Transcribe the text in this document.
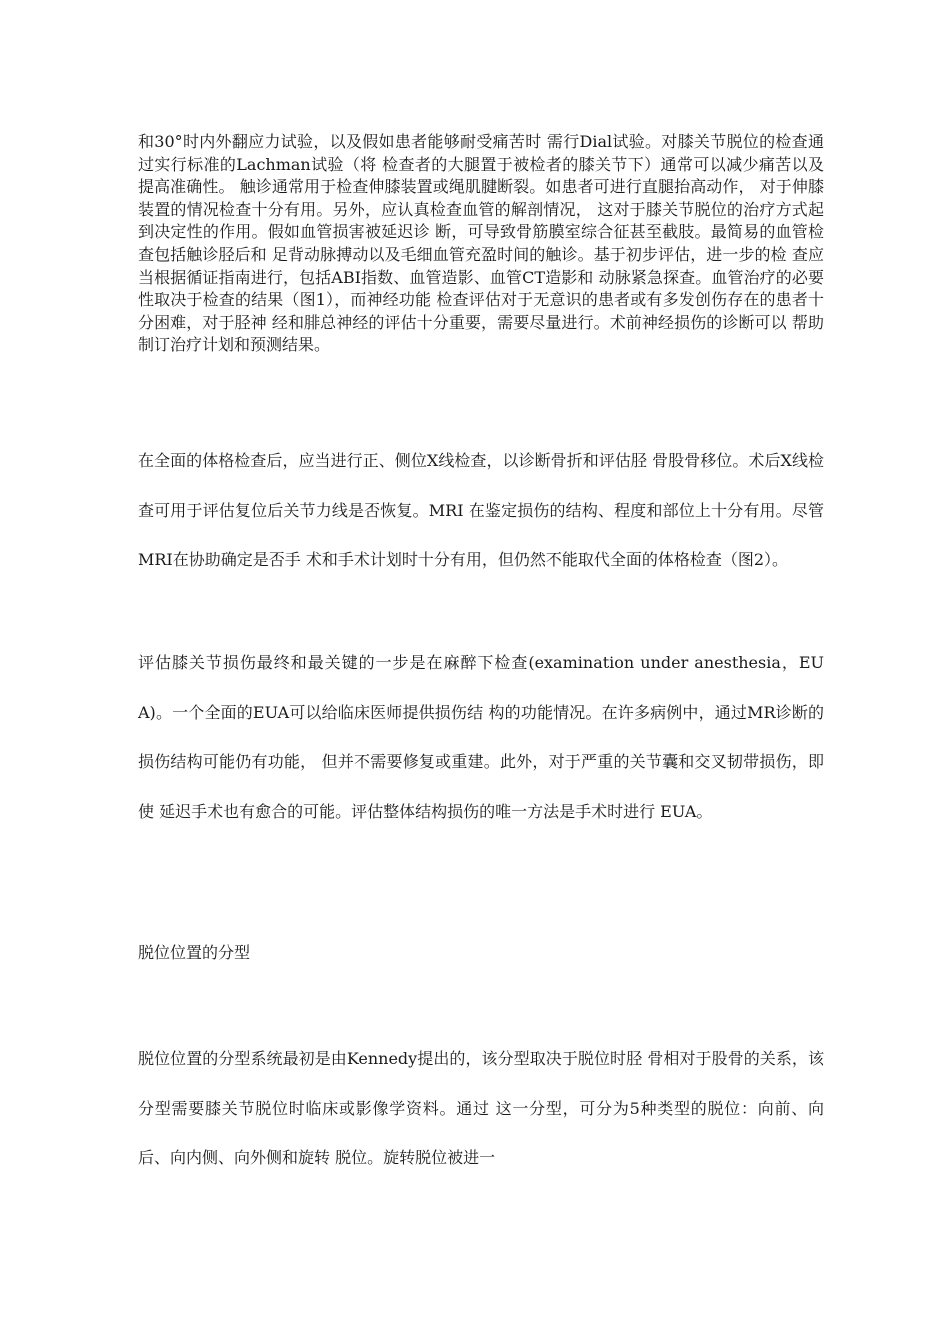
和30°时内外翻应力试验，以及假如患者能够耐受痛苦时 需行Dial试验。对膝关节脱位的检查通过实行标准的Lachman试验（将 检查者的大腿置于被检者的膝关节下）通常可以减少痛苦以及提高准确性。 触诊通常用于检查伸膝装置或绳肌腱断裂。如患者可进行直腿抬高动作， 对于伸膝装置的情况检查十分有用。另外，应认真检查血管的解剖情况， 这对于膝关节脱位的治疗方式起到决定性的作用。假如血管损害被延迟诊 断，可导致骨筋膜室综合征甚至截肢。最简易的血管检查包括触诊胫后和 足背动脉搏动以及毛细血管充盈时间的触诊。基于初步评估，进一步的检 查应当根据循证指南进行，包括ABI指数、血管造影、血管CT造影和 动脉紧急探查。血管治疗的必要性取决于检查的结果（图1），而神经功能 检查评估对于无意识的患者或有多发创伤存在的患者十分困难，对于胫神 经和腓总神经的评估十分重要，需要尽量进行。术前神经损伤的诊断可以 帮助制订治疗计划和预测结果。

在全面的体格检查后，应当进行正、侧位X线检查，以诊断骨折和评估胫 骨股骨移位。术后X线检查可用于评估复位后关节力线是否恢复。MRI 在鉴定损伤的结构、程度和部位上十分有用。尽管MRI在协助确定是否手 术和手术计划时十分有用，但仍然不能取代全面的体格检查（图2）。

评估膝关节损伤最终和最关键的一步是在麻醉下检查(examination under anesthesia，EUA)。一个全面的EUA可以给临床医师提供损伤结 构的功能情况。在许多病例中，通过MR诊断的损伤结构可能仍有功能， 但并不需要修复或重建。此外，对于严重的关节囊和交叉韧带损伤，即使 延迟手术也有愈合的可能。评估整体结构损伤的唯一方法是手术时进行 EUA。

脱位位置的分型

脱位位置的分型系统最初是由Kennedy提出的，该分型取决于脱位时胫 骨相对于股骨的关系，该分型需要膝关节脱位时临床或影像学资料。通过 这一分型，可分为5种类型的脱位：向前、向后、向内侧、向外侧和旋转 脱位。旋转脱位被进一
